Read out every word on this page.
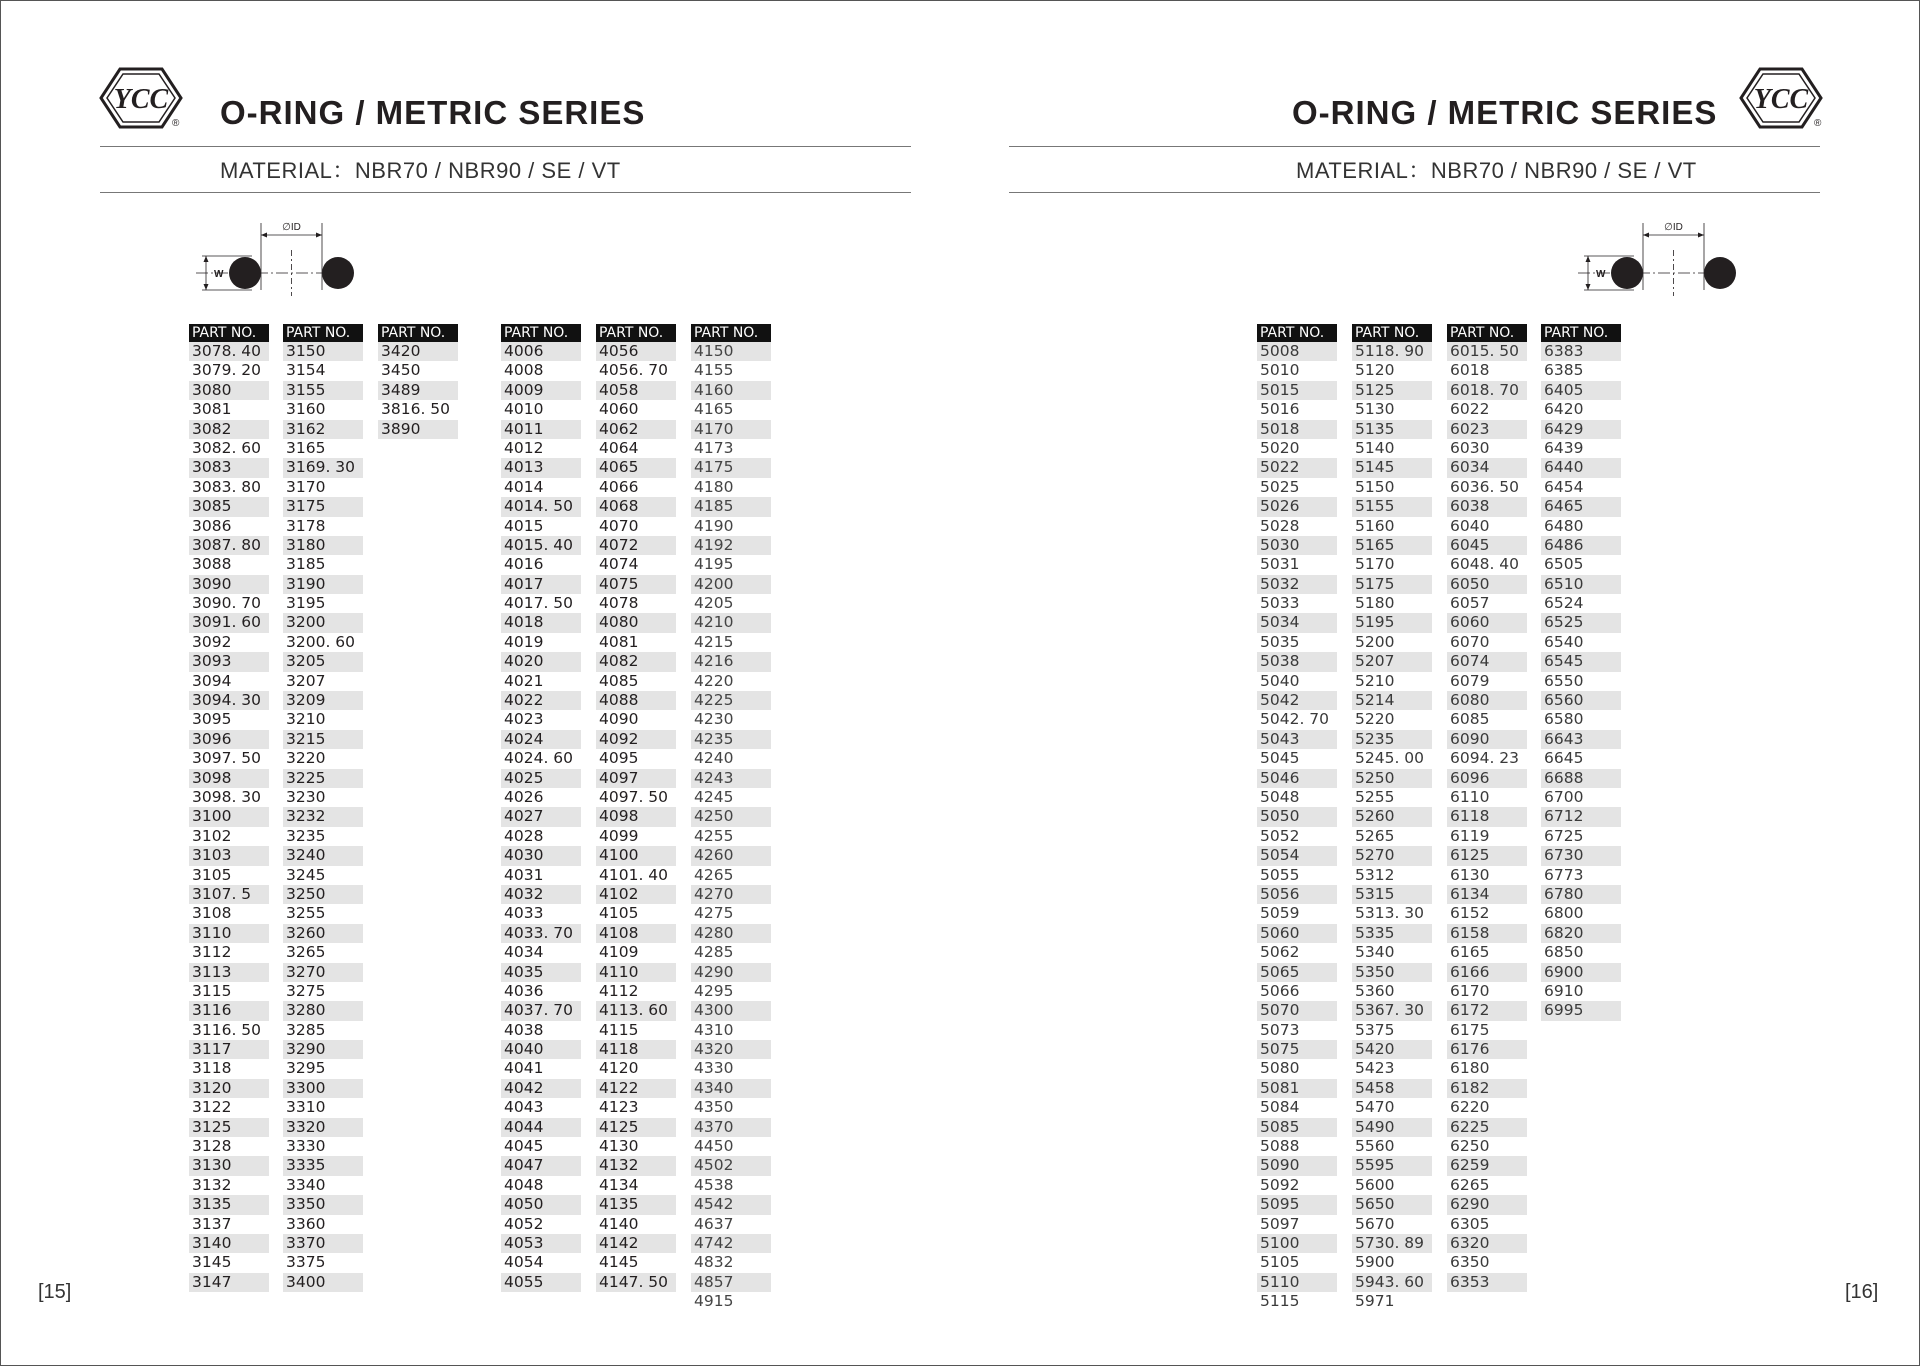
YCC
® O-RING / METRIC SERIES
MATERIAL：NBR70 / NBR90 / SE / VT
∅ID
W
PART NO.
3078. 40
3079. 20
3080
3081
3082
3082. 60
3083
3083. 80
3085
3086
3087. 80
3088
3090
3090. 70
3091. 60
3092
3093
3094
3094. 30
3095
3096
3097. 50
3098
3098. 30
3100
3102
3103
3105
3107. 5
3108
3110
3112
3113
3115
3116
3116. 50
3117
3118
3120
3122
3125
3128
3130
3132
3135
3137
3140
3145
3147
PART NO.
3150
3154
3155
3160
3162
3165
3169. 30
3170
3175
3178
3180
3185
3190
3195
3200
3200. 60
3205
3207
3209
3210
3215
3220
3225
3230
3232
3235
3240
3245
3250
3255
3260
3265
3270
3275
3280
3285
3290
3295
3300
3310
3320
3330
3335
3340
3350
3360
3370
3375
3400
PART NO.
3420
3450
3489
3816. 50
3890
PART NO.
4006
4008
4009
4010
4011
4012
4013
4014
4014. 50
4015
4015. 40
4016
4017
4017. 50
4018
4019
4020
4021
4022
4023
4024
4024. 60
4025
4026
4027
4028
4030
4031
4032
4033
4033. 70
4034
4035
4036
4037. 70
4038
4040
4041
4042
4043
4044
4045
4047
4048
4050
4052
4053
4054
4055
PART NO.
4056
4056. 70
4058
4060
4062
4064
4065
4066
4068
4070
4072
4074
4075
4078
4080
4081
4082
4085
4088
4090
4092
4095
4097
4097. 50
4098
4099
4100
4101. 40
4102
4105
4108
4109
4110
4112
4113. 60
4115
4118
4120
4122
4123
4125
4130
4132
4134
4135
4140
4142
4145
4147. 50
PART NO.
4150
4155
4160
4165
4170
4173
4175
4180
4185
4190
4192
4195
4200
4205
4210
4215
4216
4220
4225
4230
4235
4240
4243
4245
4250
4255
4260
4265
4270
4275
4280
4285
4290
4295
4300
4310
4320
4330
4340
4350
4370
4450
4502
4538
4542
4637
4742
4832
4857
4915
[15]
O-RING / METRIC SERIES YCC
®
MATERIAL：NBR70 / NBR90 / SE / VT
∅ID
W
PART NO.
5008
5010
5015
5016
5018
5020
5022
5025
5026
5028
5030
5031
5032
5033
5034
5035
5038
5040
5042
5042. 70
5043
5045
5046
5048
5050
5052
5054
5055
5056
5059
5060
5062
5065
5066
5070
5073
5075
5080
5081
5084
5085
5088
5090
5092
5095
5097
5100
5105
5110
5115
PART NO.
5118. 90
5120
5125
5130
5135
5140
5145
5150
5155
5160
5165
5170
5175
5180
5195
5200
5207
5210
5214
5220
5235
5245. 00
5250
5255
5260
5265
5270
5312
5315
5313. 30
5335
5340
5350
5360
5367. 30
5375
5420
5423
5458
5470
5490
5560
5595
5600
5650
5670
5730. 89
5900
5943. 60
5971
PART NO.
6015. 50
6018
6018. 70
6022
6023
6030
6034
6036. 50
6038
6040
6045
6048. 40
6050
6057
6060
6070
6074
6079
6080
6085
6090
6094. 23
6096
6110
6118
6119
6125
6130
6134
6152
6158
6165
6166
6170
6172
6175
6176
6180
6182
6220
6225
6250
6259
6265
6290
6305
6320
6350
6353
PART NO.
6383
6385
6405
6420
6429
6439
6440
6454
6465
6480
6486
6505
6510
6524
6525
6540
6545
6550
6560
6580
6643
6645
6688
6700
6712
6725
6730
6773
6780
6800
6820
6850
6900
6910
6995
[16]
